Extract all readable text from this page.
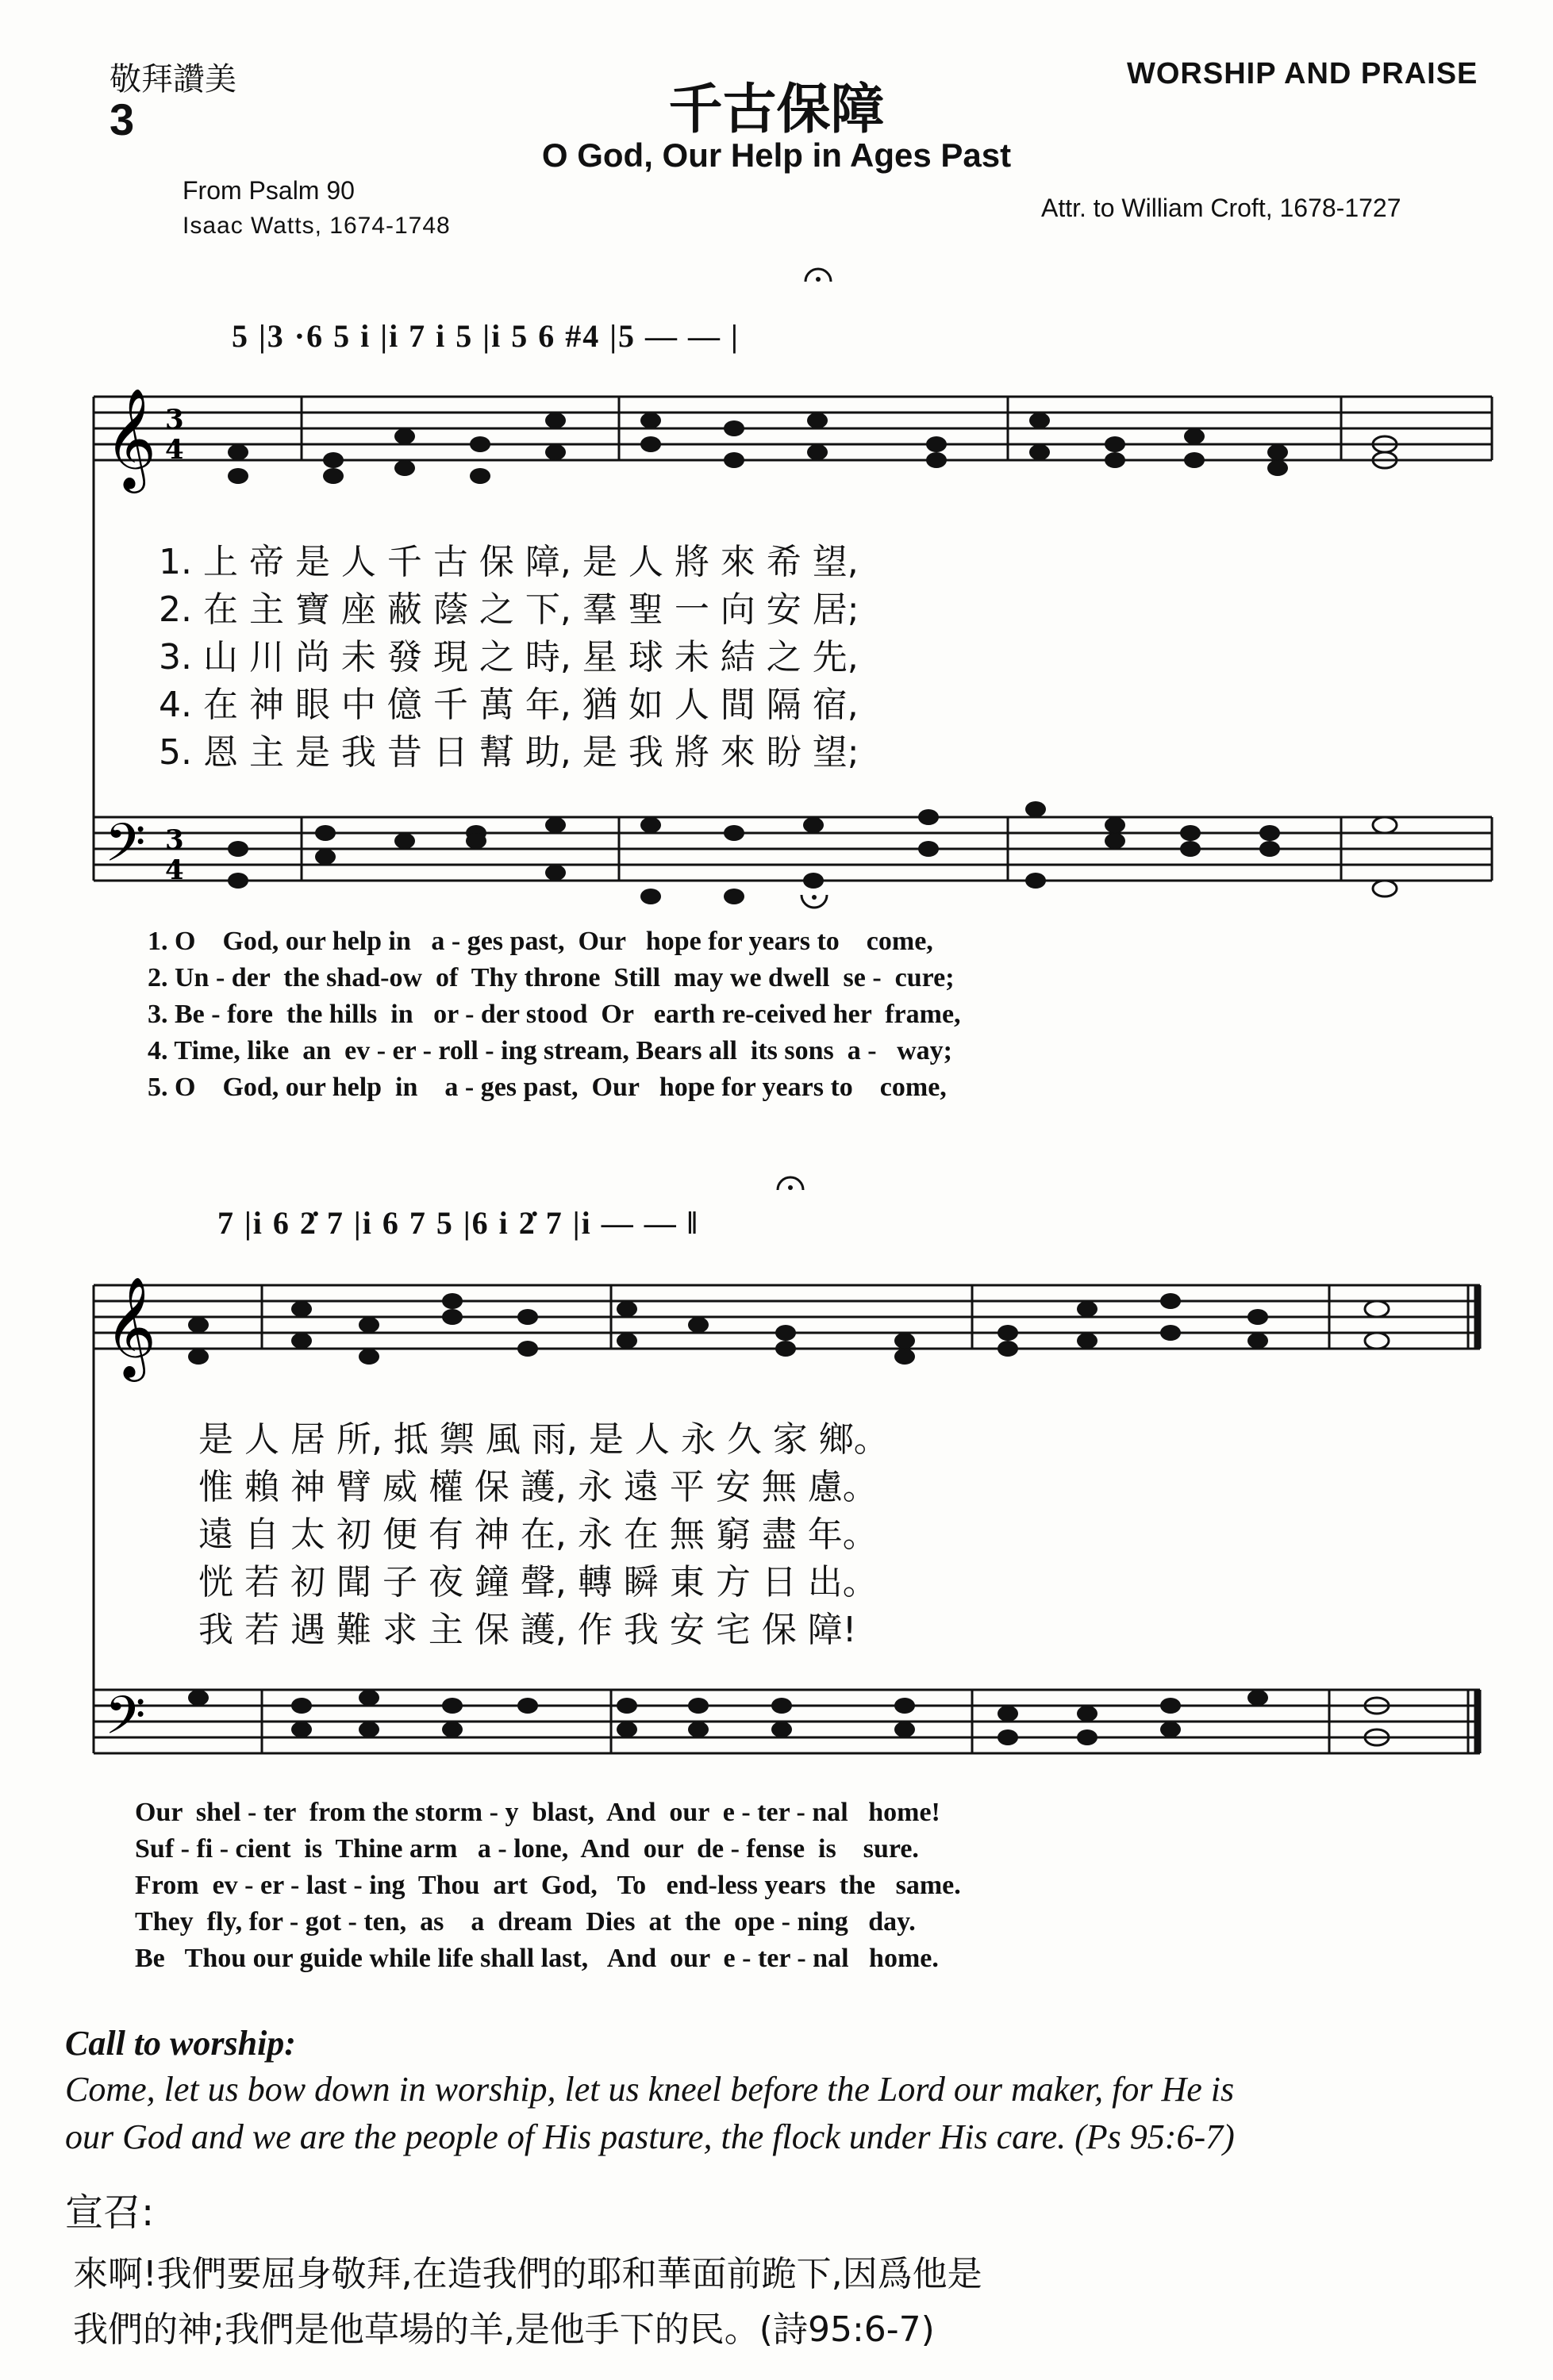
敬拜讚美
3
WORSHIP AND PRAISE
千古保障
O God, Our Help in Ages Past
From Psalm 90
Isaac Watts, 1674-1748
Attr. to William Croft, 1678-1727
𝄞
𝄢
𝄞
𝄢
3
4
3
4
5 |3 ·6 5 i |i 7 i 5 |i 5 6 #4 |5 — — |
1. 上 帝 是 人 千 古 保 障, 是 人 將 來 希 望,
2. 在 主 寶 座 蔽 蔭 之 下, 羣 聖 一 向 安 居;
3. 山 川 尚 未 發 現 之 時, 星 球 未 結 之 先,
4. 在 神 眼 中 億 千 萬 年, 猶 如 人 間 隔 宿,
5. 恩 主 是 我 昔 日 幫 助, 是 我 將 來 盼 望;
1. O    God, our help in   a - ges past,  Our   hope for years to    come,
2. Un - der  the shad-ow  of  Thy throne  Still  may we dwell  se -  cure;
3. Be - fore  the hills  in   or - der stood  Or   earth re-ceived her  frame,
4. Time, like  an  ev - er - roll - ing stream, Bears all  its sons  a -   way;
5. O    God, our help  in    a - ges past,  Our   hope for years to    come,
7 |i 6 2̇ 7 |i 6 7 5 |6 i 2̇ 7 |i — — ‖
是 人 居 所, 抵 禦 風 雨, 是 人 永 久 家 鄉。
惟 賴 神 臂 威 權 保 護, 永 遠 平 安 無 慮。
遠 自 太 初 便 有 神 在, 永 在 無 窮 盡 年。
恍 若 初 聞 子 夜 鐘 聲, 轉 瞬 東 方 日 出。
我 若 遇 難 求 主 保 護, 作 我 安 宅 保 障!
Our  shel - ter  from the storm - y  blast,  And  our  e - ter - nal   home!
Suf - fi - cient  is  Thine arm   a - lone,  And  our  de - fense  is    sure.
From  ev - er - last - ing  Thou  art  God,   To   end-less years  the   same.
They  fly, for - got - ten,  as    a  dream  Dies  at  the  ope - ning   day.
Be   Thou our guide while life shall last,   And  our  e - ter - nal   home.
Call to worship:
Come, let us bow down in worship, let us kneel before the Lord our maker, for He is
our God and we are the people of His pasture, the flock under His care. (Ps 95:6-7)
宣召:
來啊!我們要屈身敬拜,在造我們的耶和華面前跪下,因爲他是
我們的神;我們是他草場的羊,是他手下的民。(詩95:6-7)
